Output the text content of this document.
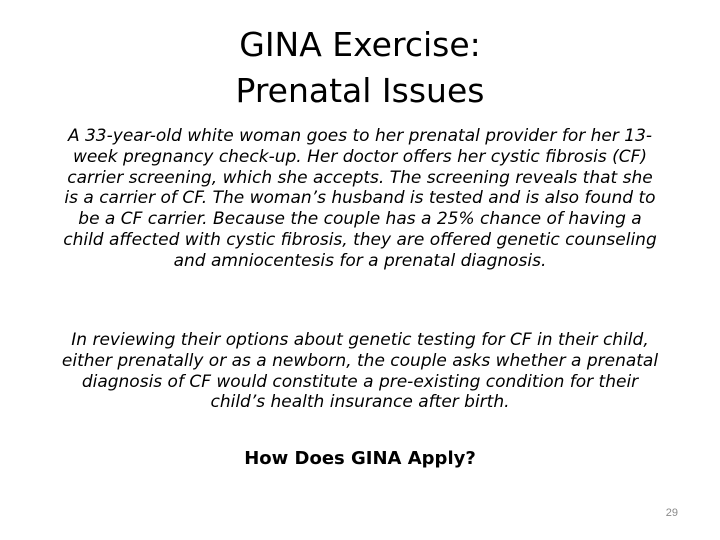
GINA Exercise:
Prenatal Issues

A 33-year-old white woman goes to her prenatal provider for her 13-week pregnancy check-up. Her doctor offers her cystic fibrosis (CF) carrier screening, which she accepts. The screening reveals that she is a carrier of CF. The woman’s husband is tested and is also found to be a CF carrier. Because the couple has a 25% chance of having a child affected with cystic fibrosis, they are offered genetic counseling and amniocentesis for a prenatal diagnosis.

In reviewing their options about genetic testing for CF in their child, either prenatally or as a newborn, the couple asks whether a prenatal diagnosis of CF would constitute a pre-existing condition for their child’s health insurance after birth.

How Does GINA Apply?

29
